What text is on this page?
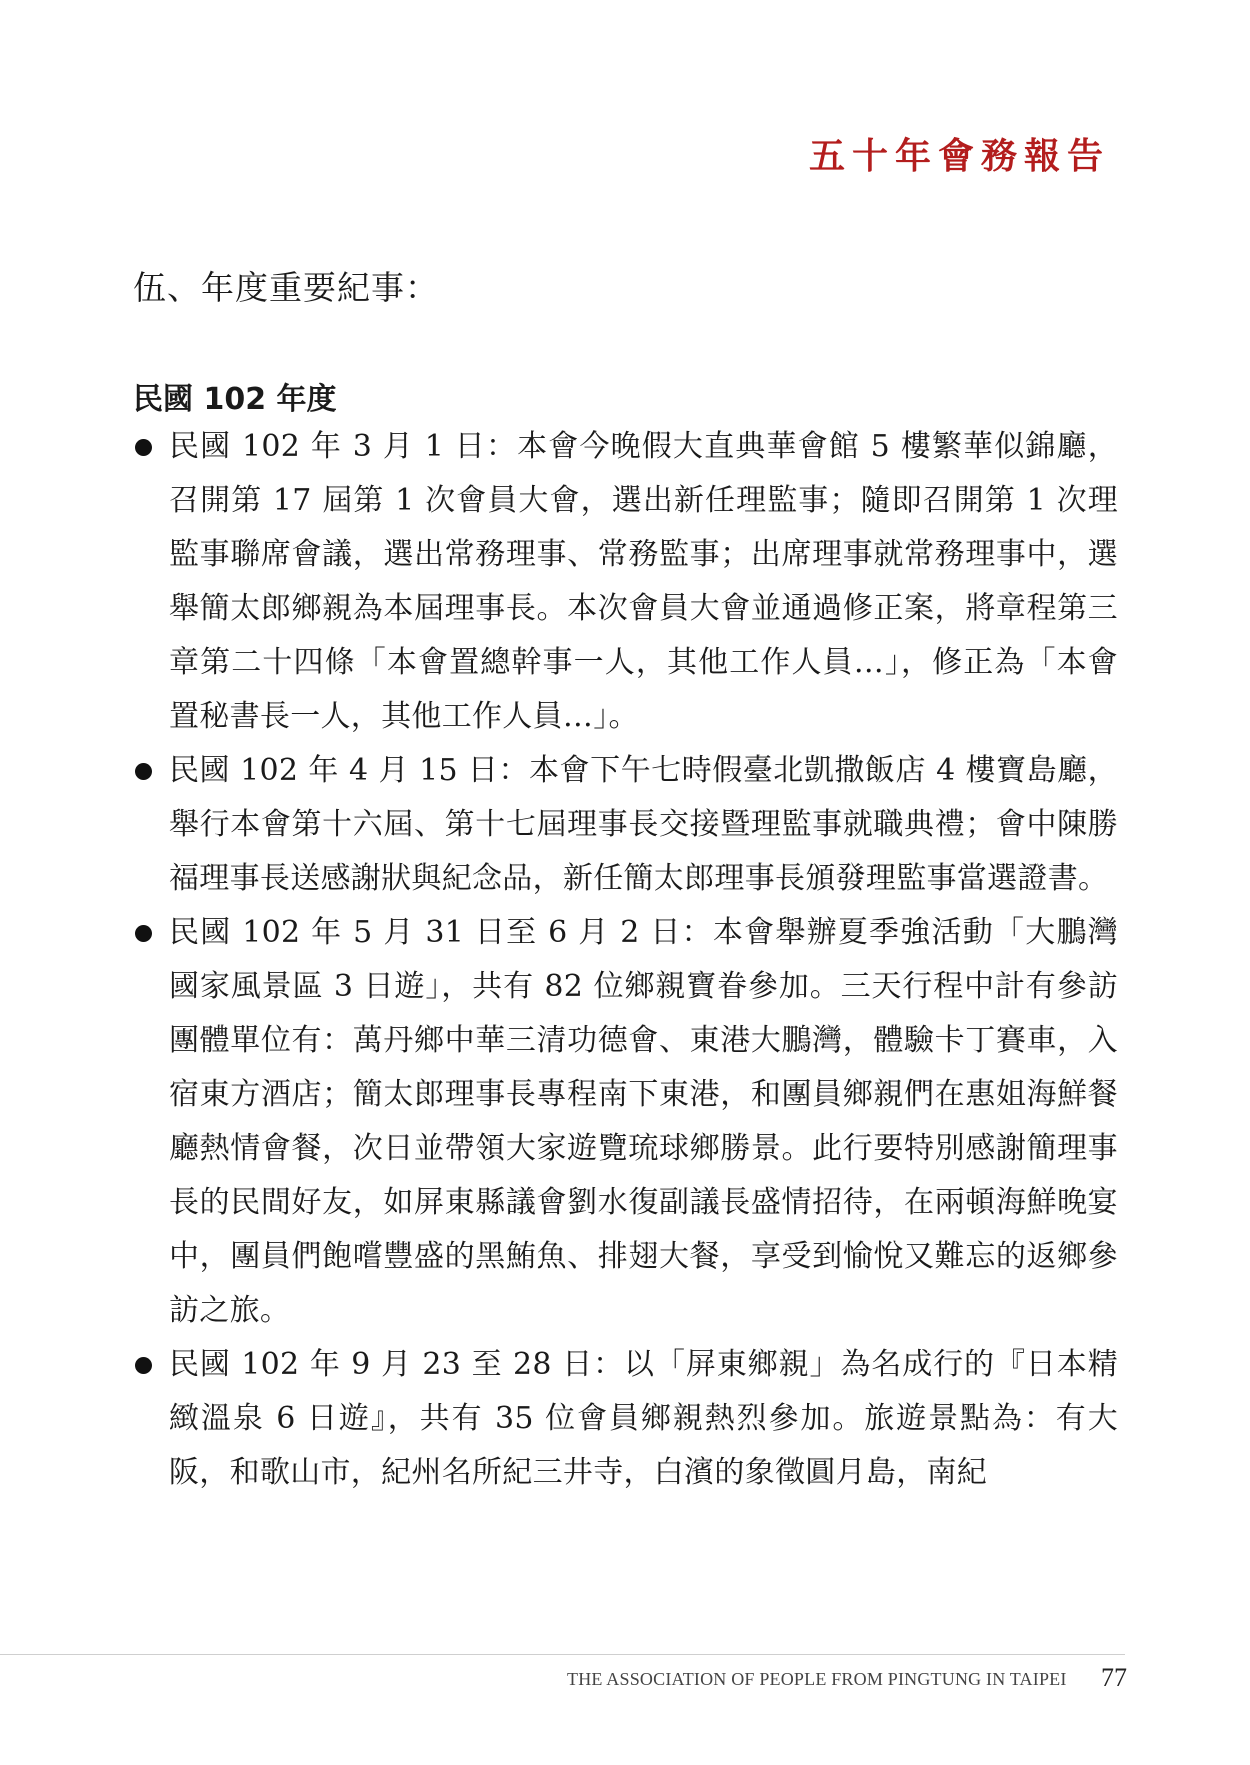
五十年會務報告
伍、年度重要紀事：
民國 102 年度
民國 102 年 3 月 1 日：本會今晚假大直典華會館 5 樓繁華似錦廳，召開第 17 屆第 1 次會員大會，選出新任理監事；隨即召開第 1 次理監事聯席會議，選出常務理事、常務監事；出席理事就常務理事中，選舉簡太郎鄉親為本屆理事長。本次會員大會並通過修正案，將章程第三章第二十四條「本會置總幹事一人，其他工作人員…」，修正為「本會置秘書長一人，其他工作人員…」。
民國 102 年 4 月 15 日：本會下午七時假臺北凱撒飯店 4 樓寶島廳，舉行本會第十六屆、第十七屆理事長交接暨理監事就職典禮；會中陳勝福理事長送感謝狀與紀念品，新任簡太郎理事長頒發理監事當選證書。
民國 102 年 5 月 31 日至 6 月 2 日：本會舉辦夏季強活動「大鵬灣國家風景區 3 日遊」，共有 82 位鄉親寶眷參加。三天行程中計有參訪團體單位有：萬丹鄉中華三清功德會、東港大鵬灣，體驗卡丁賽車，入宿東方酒店；簡太郎理事長專程南下東港，和團員鄉親們在惠姐海鮮餐廳熱情會餐，次日並帶領大家遊覽琉球鄉勝景。此行要特別感謝簡理事長的民間好友，如屏東縣議會劉水復副議長盛情招待，在兩頓海鮮晚宴中，團員們飽嚐豐盛的黑鮪魚、排翅大餐，享受到愉悅又難忘的返鄉參訪之旅。
民國 102 年 9 月 23 至 28 日：以「屏東鄉親」為名成行的『日本精緻溫泉 6 日遊』，共有 35 位會員鄉親熱烈參加。旅遊景點為：有大阪，和歌山市，紀州名所紀三井寺，白濱的象徵圓月島，南紀
THE ASSOCIATION OF PEOPLE FROM PINGTUNG IN TAIPEI 77
